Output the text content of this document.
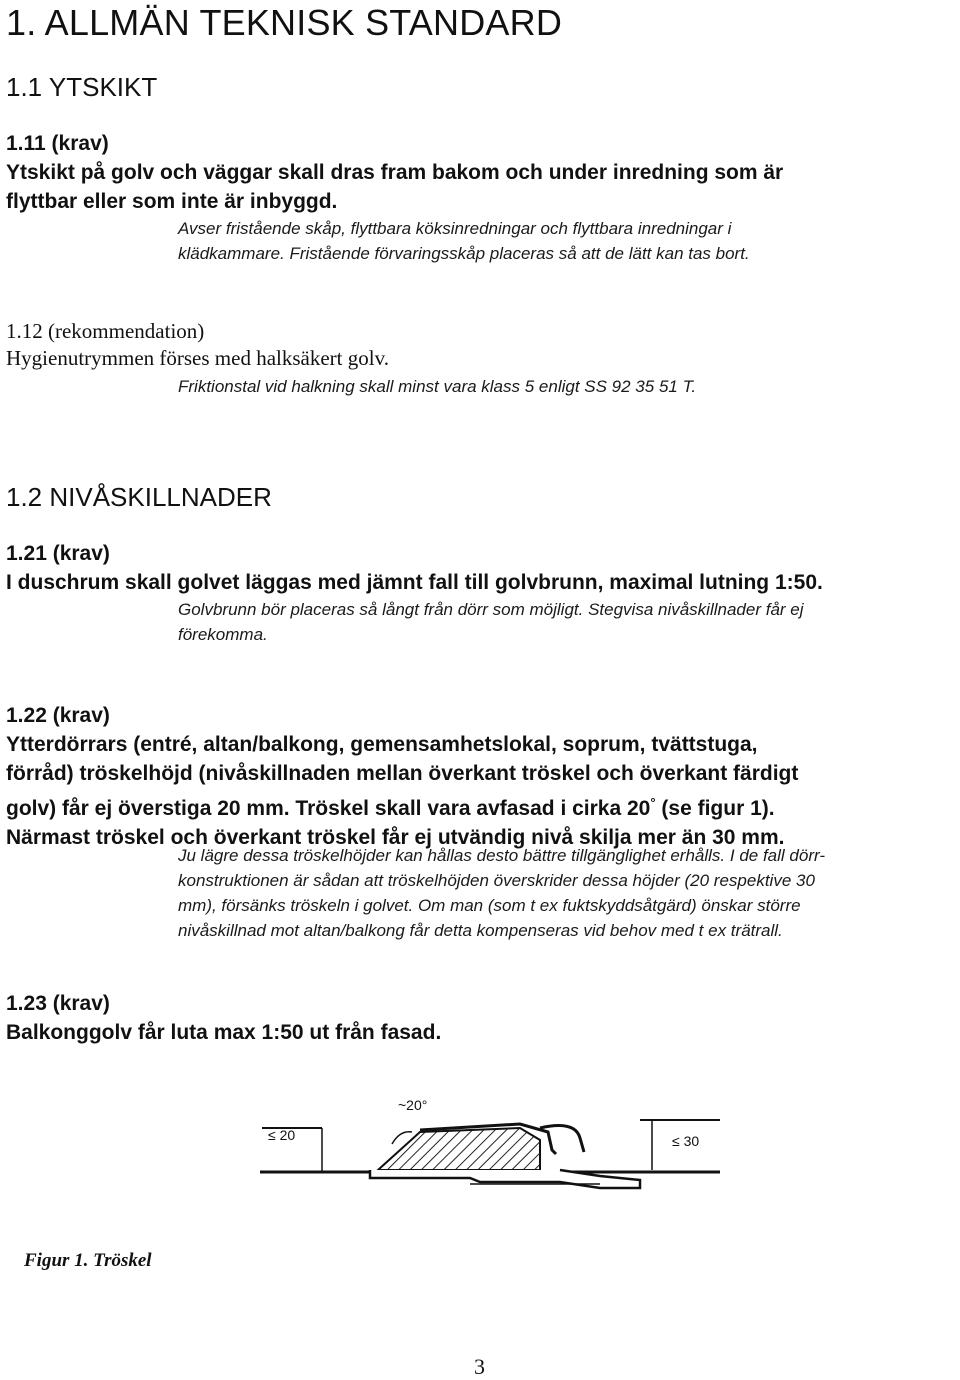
1. ALLMÄN TEKNISK STANDARD
1.1 YTSKIKT
1.11 (krav)
Ytskikt på golv och väggar skall dras fram bakom och under inredning som är
flyttbar eller som inte är inbyggd.
Avser fristående skåp, flyttbara köksinredningar och flyttbara inredningar i
klädkammare. Fristående förvaringsskåp placeras så att de lätt kan tas bort.
1.12 (rekommendation)
Hygienutrymmen förses med halksäkert golv.
Friktionstal vid halkning skall minst vara klass 5 enligt SS 92 35 51 T.
1.2 NIVÅSKILLNADER
1.21 (krav)
I duschrum skall golvet läggas med jämnt fall till golvbrunn, maximal lutning 1:50.
Golvbrunn bör placeras så långt från dörr som möjligt. Stegvisa nivåskillnader får ej
förekomma.
1.22 (krav)
Ytterdörrars (entré, altan/balkong, gemensamhetslokal, soprum, tvättstuga,
förråd) tröskelhöjd (nivåskillnaden mellan överkant tröskel och överkant färdigt
golv) får ej överstiga 20 mm. Tröskel skall vara avfasad i cirka 20° (se figur 1).
Närmast tröskel och överkant tröskel får ej utvändig nivå skilja mer än 30 mm.
Ju lägre dessa tröskelhöjder kan hållas desto bättre tillgänglighet erhålls. I de fall dörr-
konstruktionen är sådan att tröskelhöjden överskrider dessa höjder (20 respektive 30
mm), försänks tröskeln i golvet. Om man (som t ex fuktskyddsåtgärd) önskar större
nivåskillnad mot altan/balkong får detta kompenseras vid behov med t ex trätrall.
1.23 (krav)
Balkonggolv får luta max 1:50 ut från fasad.
≤ 20
~20°
≤ 30
Figur 1. Tröskel
3
